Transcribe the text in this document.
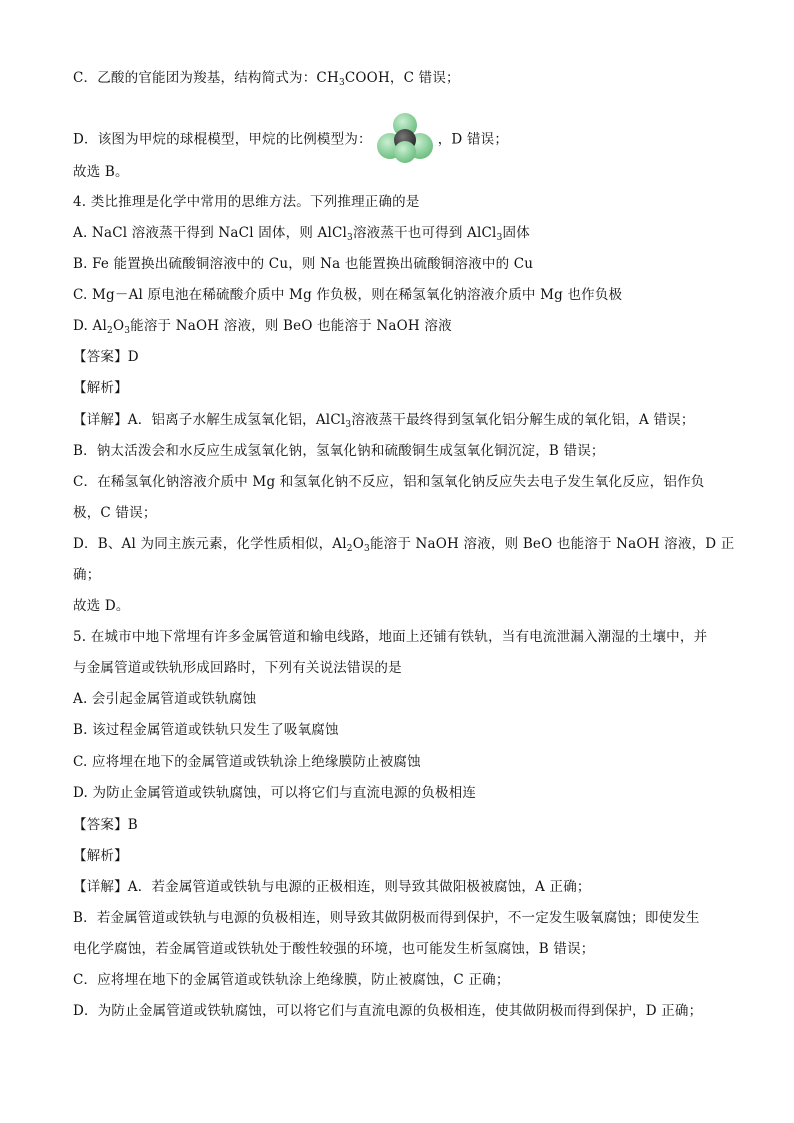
C．乙酸的官能团为羧基，结构简式为：$CH_3COOH$，C 错误；
D．该图为甲烷的球棍模型，甲烷的比例模型为：	，D 错误；
故选 B。
4. 类比推理是化学中常用的思维方法。下列推理正确的是
A. NaCl 溶液蒸干得到 NaCl 固体，则 AlCl$_3$溶液蒸干也可得到 AlCl$_3$固体
B. Fe 能置换出硫酸铜溶液中的 Cu，则 Na 也能置换出硫酸铜溶液中的 Cu
C. Mg－Al 原电池在稀硫酸介质中 Mg 作负极，则在稀氢氧化钠溶液介质中 Mg 也作负极
D. $Al_2O_3$能溶于 NaOH 溶液，则 BeO 也能溶于 NaOH 溶液
【答案】D
【解析】
【详解】A．铝离子水解生成氢氧化铝，AlCl$_3$溶液蒸干最终得到氢氧化铝分解生成的氧化铝，A 错误；
B．钠太活泼会和水反应生成氢氧化钠，氢氧化钠和硫酸铜生成氢氧化铜沉淀，B 错误；
C．在稀氢氧化钠溶液介质中 Mg 和氢氧化钠不反应，铝和氢氧化钠反应失去电子发生氧化反应，铝作负
极，C 错误；
D．B、Al 为同主族元素，化学性质相似，$Al_2O_3$能溶于 NaOH 溶液，则 BeO 也能溶于 NaOH 溶液，D 正
确；
故选 D。
5. 在城市中地下常埋有许多金属管道和输电线路，地面上还铺有铁轨，当有电流泄漏入潮湿的土壤中，并
与金属管道或铁轨形成回路时，下列有关说法错误的是
A. 会引起金属管道或铁轨腐蚀
B. 该过程金属管道或铁轨只发生了吸氧腐蚀
C. 应将埋在地下的金属管道或铁轨涂上绝缘膜防止被腐蚀
D. 为防止金属管道或铁轨腐蚀，可以将它们与直流电源的负极相连
【答案】B
【解析】
【详解】A．若金属管道或铁轨与电源的正极相连，则导致其做阳极被腐蚀，A 正确；
B．若金属管道或铁轨与电源的负极相连，则导致其做阴极而得到保护，不一定发生吸氧腐蚀；即使发生
电化学腐蚀，若金属管道或铁轨处于酸性较强的环境，也可能发生析氢腐蚀，B 错误；
C．应将埋在地下的金属管道或铁轨涂上绝缘膜，防止被腐蚀，C 正确；
D．为防止金属管道或铁轨腐蚀，可以将它们与直流电源的负极相连，使其做阴极而得到保护，D 正确；
